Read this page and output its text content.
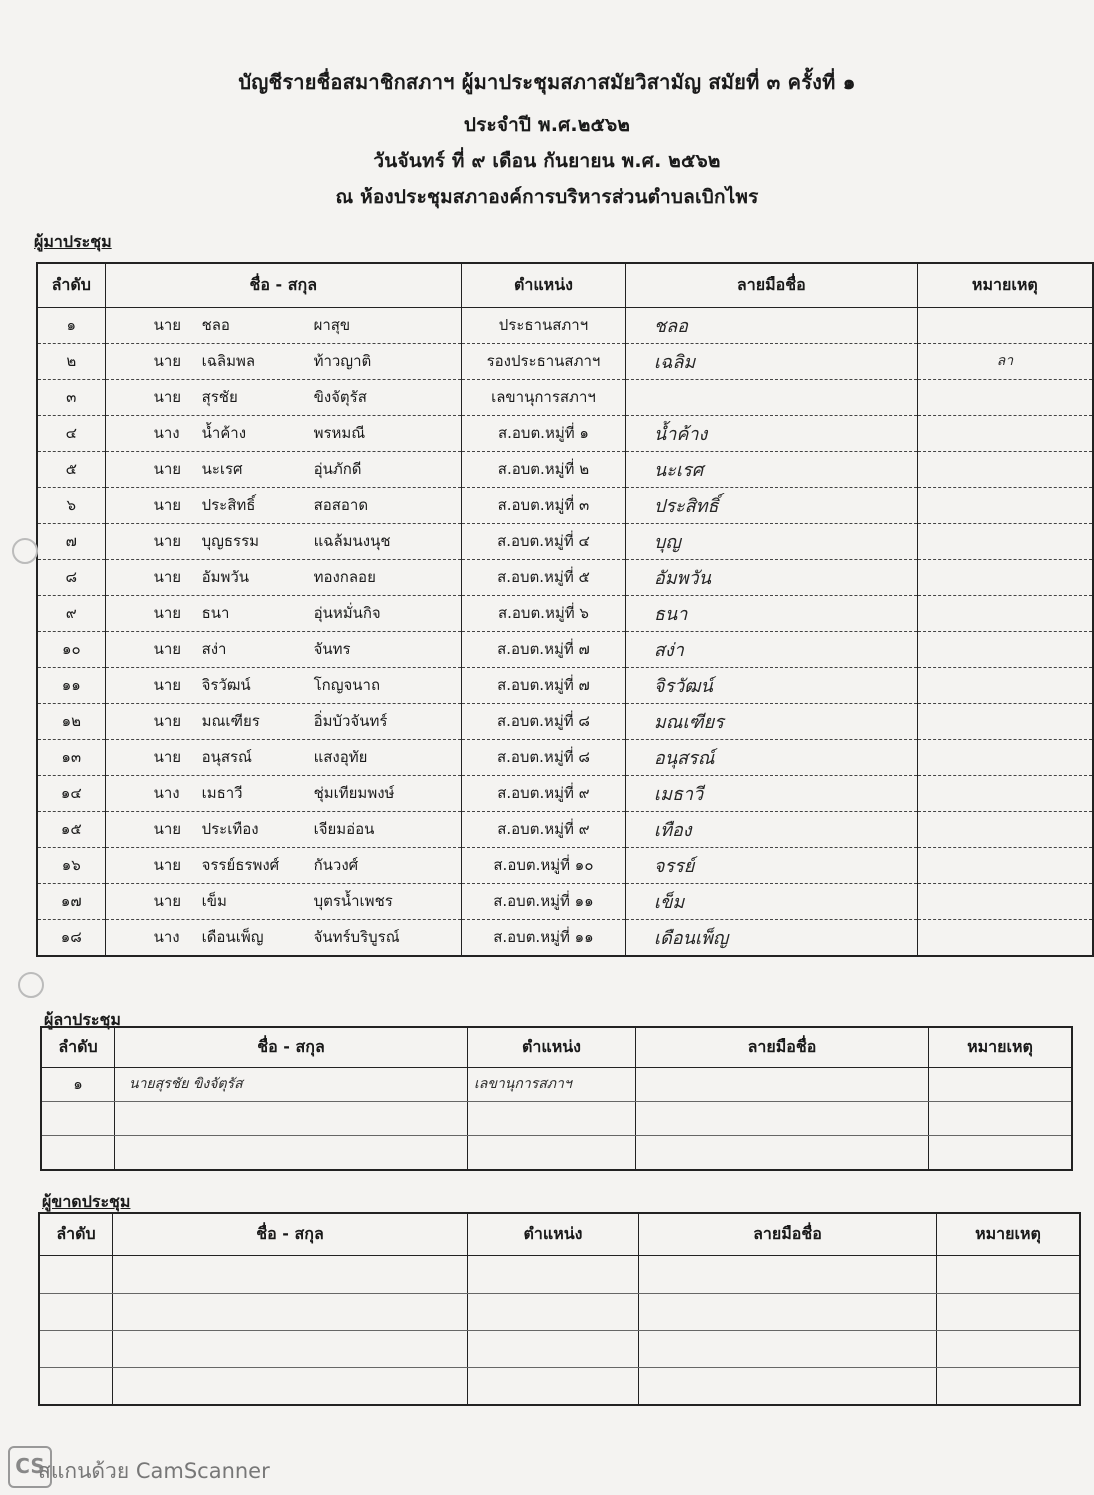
บัญชีรายชื่อสมาชิกสภาฯ ผู้มาประชุมสภาสมัยวิสามัญ สมัยที่ ๓ ครั้งที่ ๑
ประจำปี พ.ศ.๒๕๖๒
วันจันทร์ ที่ ๙ เดือน กันยายน พ.ศ. ๒๕๖๒
ณ ห้องประชุมสภาองค์การบริหารส่วนตำบลเบิกไพร
ผู้มาประชุม
ลำดับ	ชื่อ - สกุล	ตำแหน่ง	ลายมือชื่อ	หมายเหตุ
๑	นาย ชลอ ผาสุข	ประธานสภาฯ	ชลอ	
๒	นาย เฉลิมพล ท้าวญาติ	รองประธานสภาฯ	เฉลิม	ลา
๓	นาย สุรชัย ขิงจัตุรัส	เลขานุการสภาฯ		
๔	นาง น้ำค้าง พรหมณี	ส.อบต.หมู่ที่ ๑	น้ำค้าง	
๕	นาย นะเรศ อุ่นภักดี	ส.อบต.หมู่ที่ ๒	นะเรศ	
๖	นาย ประสิทธิ์ สอสอาด	ส.อบต.หมู่ที่ ๓	ประสิทธิ์	
๗	นาย บุญธรรม แฉล้มนงนุช	ส.อบต.หมู่ที่ ๔	บุญ	
๘	นาย อัมพวัน ทองกลอย	ส.อบต.หมู่ที่ ๕	อัมพวัน	
๙	นาย ธนา อุ่นหมั่นกิจ	ส.อบต.หมู่ที่ ๖	ธนา	
๑๐	นาย สง่า จันทร	ส.อบต.หมู่ที่ ๗	สง่า	
๑๑	นาย จิรวัฒน์ โกญจนาถ	ส.อบต.หมู่ที่ ๗	จิรวัฒน์	
๑๒	นาย มณเฑียร อิ่มบัวจันทร์	ส.อบต.หมู่ที่ ๘	มณเฑียร	
๑๓	นาย อนุสรณ์ แสงอุทัย	ส.อบต.หมู่ที่ ๘	อนุสรณ์	
๑๔	นาง เมธาวี ชุ่มเทียมพงษ์	ส.อบต.หมู่ที่ ๙	เมธาวี	
๑๕	นาย ประเทือง เจียมอ่อน	ส.อบต.หมู่ที่ ๙	เทือง	
๑๖	นาย จรรย์ธรพงศ์ กันวงศ์	ส.อบต.หมู่ที่ ๑๐	จรรย์	
๑๗	นาย เข็ม บุตรน้ำเพชร	ส.อบต.หมู่ที่ ๑๑	เข็ม	
๑๘	นาง เดือนเพ็ญ จันทร์บริบูรณ์	ส.อบต.หมู่ที่ ๑๑	เดือนเพ็ญ	
ผู้ลาประชุม
ลำดับ	ชื่อ - สกุล	ตำแหน่ง	ลายมือชื่อ	หมายเหตุ
๑	นายสุรชัย ขิงจัตุรัส	เลขานุการสภาฯ		

ผู้ขาดประชุม
ลำดับ	ชื่อ - สกุล	ตำแหน่ง	ลายมือชื่อ	หมายเหตุ

CS
สแกนด้วย CamScanner
